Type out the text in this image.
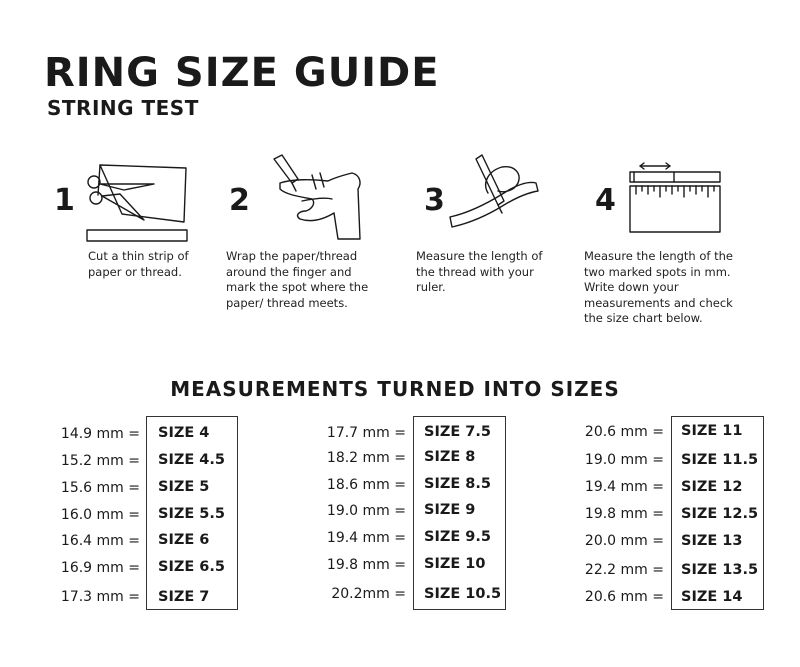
RING SIZE GUIDE
STRING TEST
1
Cut a thin strip of
paper or thread.
2
Wrap the paper/thread
around the finger and
mark the spot where the
paper/ thread meets.
3
Measure the length of
the thread with your
ruler.
4
Measure the length of the
two marked spots in mm.
Write down your
measurements and check
the size chart below.
MEASUREMENTS TURNED INTO SIZES
14.9 mm = SIZE 4
15.2 mm = SIZE 4.5
15.6 mm = SIZE 5
16.0 mm = SIZE 5.5
16.4 mm = SIZE 6
16.9 mm = SIZE 6.5
17.3 mm = SIZE 7
17.7 mm = SIZE 7.5
18.2 mm = SIZE 8
18.6 mm = SIZE 8.5
19.0 mm = SIZE 9
19.4 mm = SIZE 9.5
19.8 mm = SIZE 10
20.2mm = SIZE 10.5
20.6 mm = SIZE 11
19.0 mm = SIZE 11.5
19.4 mm = SIZE 12
19.8 mm = SIZE 12.5
20.0 mm = SIZE 13
22.2 mm = SIZE 13.5
20.6 mm = SIZE 14
